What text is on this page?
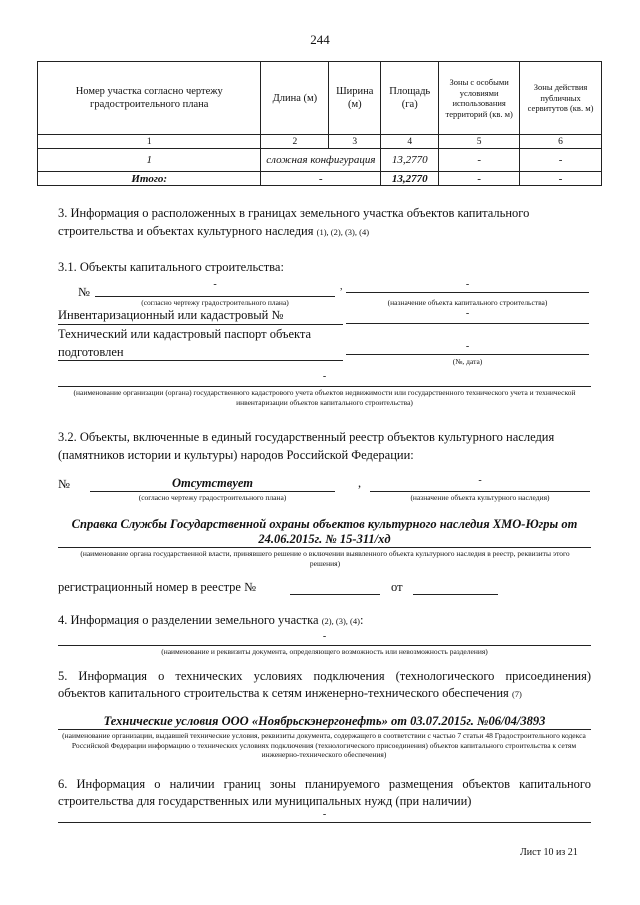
244
Номер участка согласно чертежу градостроительного плана	Длина (м)	Ширина (м)	Площадь (га)	Зоны с особыми условиями использования территорий (кв. м)	Зоны действия публичных сервитутов (кв. м)
1	2	3	4	5	6
1	сложная конфигурация		13,2770	-	-
Итого:	-		13,2770	-	-
3. Информация о расположенных в границах земельного участка объектов капитального строительства и объектах культурного наследия (1), (2), (3), (4)
3.1. Объекты капитального строительства:
№
-	,	-
(согласно чертежу градостроительного плана)	(назначение объекта капитального строительства)
Инвентаризационный или кадастровый №	-
Технический или кадастровый паспорт объекта
подготовлен	-
(№, дата)
-
(наименование организации (органа) государственного кадастрового учета объектов недвижимости или государственного технического учета и технической инвентаризации объектов капитального строительства)
3.2. Объекты, включенные в единый государственный реестр объектов культурного наследия (памятников истории и культуры) народов Российской Федерации:
№	Отсутствует	,	-
(согласно чертежу градостроительного плана)	(назначение объекта культурного наследия)
Справка Службы Государственной охраны объектов культурного наследия ХМО-Югры от
24.06.2015г. № 15-311/хд
(наименование органа государственной власти, принявшего решение о включении выявленного объекта культурного наследия в реестр, реквизиты этого решения)
регистрационный номер в реестре №	от
4. Информация о разделении земельного участка (2), (3), (4):
-
(наименование и реквизиты документа, определяющего возможность или невозможность разделения)
5. Информация о технических условиях подключения (технологического присоединения)
объектов капитального строительства к сетям инженерно-технического обеспечения (7)
Технические условия ООО «Ноябрьскэнергонефть» от 03.07.2015г. №06/04/3893
(наименование организации, выдавшей технические условия, реквизиты документа, содержащего в соответствии с частью 7 статьи 48 Градостроительного кодекса Российской Федерации информацию о технических условиях подключения (технологического присоединения) объектов капитального строительства к сетям инженерно-технического обеспечения)
6. Информация о наличии границ зоны планируемого размещения объектов капитального
строительства для государственных или муниципальных нужд (при наличии)
-
Лист 10 из 21
